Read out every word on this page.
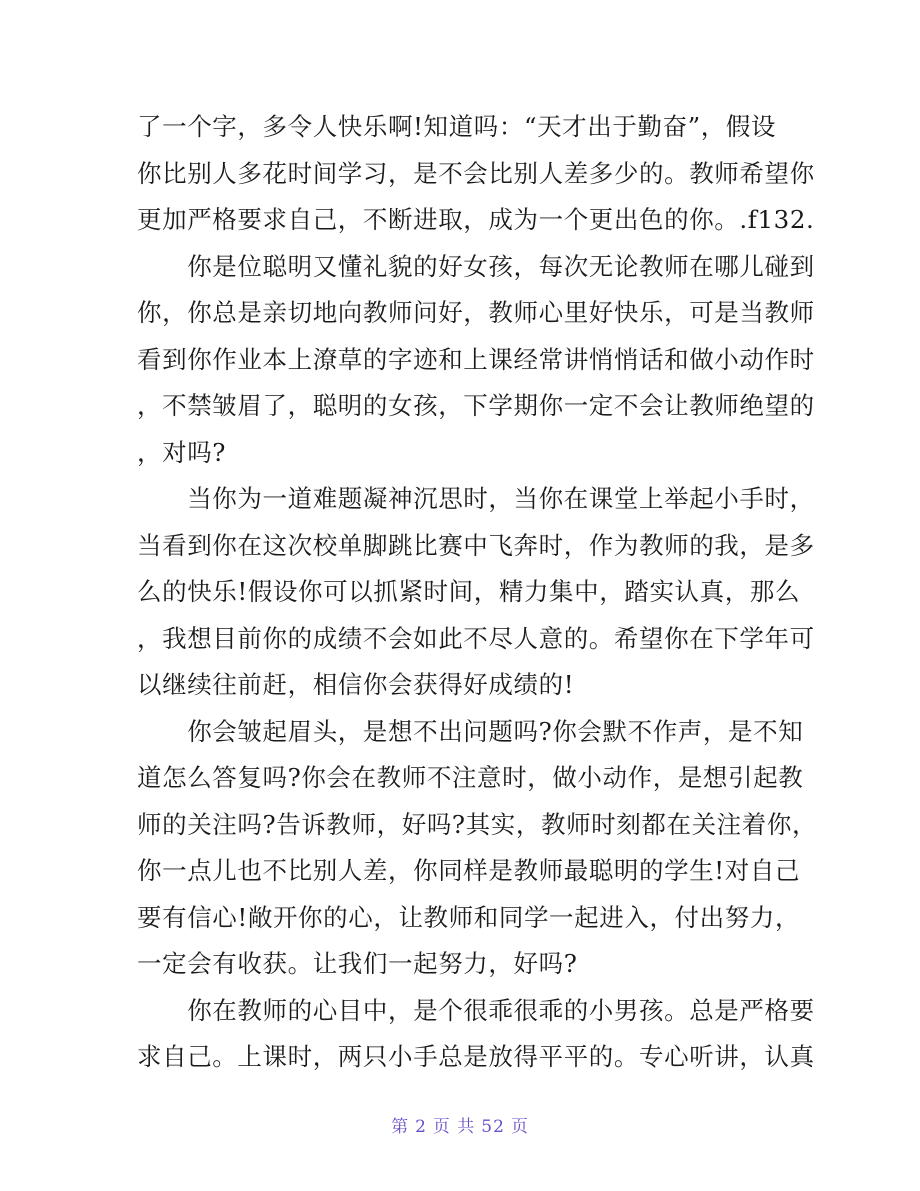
了一个字，多令人快乐啊!知道吗：“天才出于勤奋”，假设
你比别人多花时间学习，是不会比别人差多少的。教师希望你
更加严格要求自己，不断进取，成为一个更出色的你。.f132.
　　你是位聪明又懂礼貌的好女孩，每次无论教师在哪儿碰到
你，你总是亲切地向教师问好，教师心里好快乐，可是当教师
看到你作业本上潦草的字迹和上课经常讲悄悄话和做小动作时
，不禁皱眉了，聪明的女孩，下学期你一定不会让教师绝望的
，对吗?
　　当你为一道难题凝神沉思时，当你在课堂上举起小手时，
当看到你在这次校单脚跳比赛中飞奔时，作为教师的我，是多
么的快乐!假设你可以抓紧时间，精力集中，踏实认真，那么
，我想目前你的成绩不会如此不尽人意的。希望你在下学年可
以继续往前赶，相信你会获得好成绩的!
　　你会皱起眉头，是想不出问题吗?你会默不作声，是不知
道怎么答复吗?你会在教师不注意时，做小动作，是想引起教
师的关注吗?告诉教师，好吗?其实，教师时刻都在关注着你，
你一点儿也不比别人差，你同样是教师最聪明的学生!对自己
要有信心!敞开你的心，让教师和同学一起进入，付出努力，
一定会有收获。让我们一起努力，好吗?
　　你在教师的心目中，是个很乖很乖的小男孩。总是严格要
求自己。上课时，两只小手总是放得平平的。专心听讲，认真
第 2 页 共 52 页
